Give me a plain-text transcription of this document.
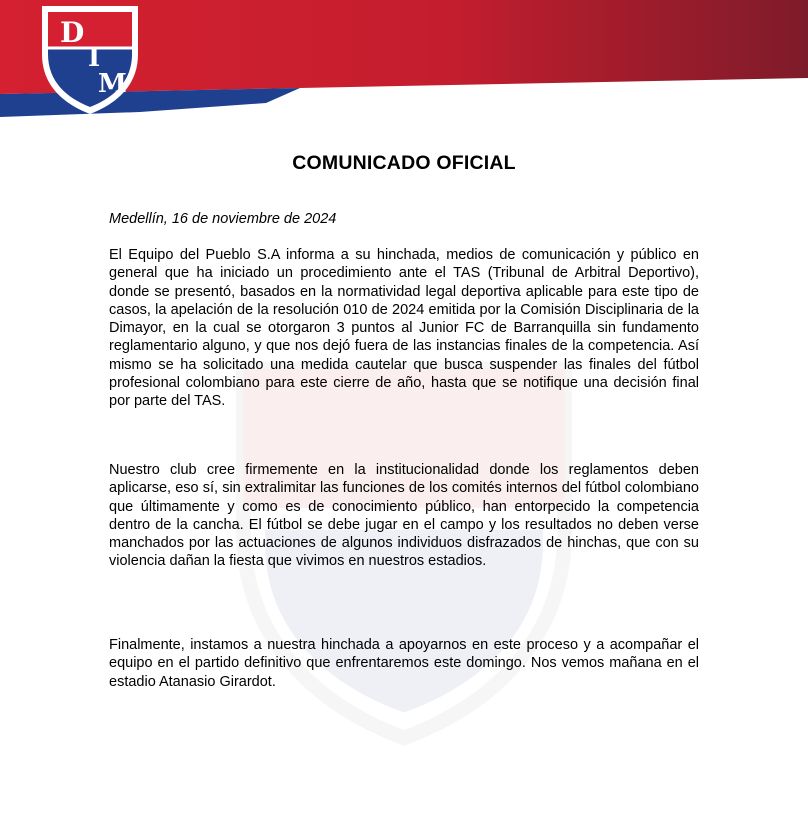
D
I
M
COMUNICADO OFICIAL

Medellín, 16 de noviembre de 2024

El Equipo del Pueblo S.A informa a su hinchada, medios de comunicación y público en general que ha iniciado un procedimiento ante el TAS (Tribunal de Arbitral Deportivo), donde se presentó, basados en la normatividad legal deportiva aplicable para este tipo de casos, la apelación de la resolución 010 de 2024 emitida por la Comisión Disciplinaria de la Dimayor, en la cual se otorgaron 3 puntos al Junior FC de Barranquilla sin fundamento reglamentario alguno, y que nos dejó fuera de las instancias finales de la competencia. Así mismo se ha solicitado una medida cautelar que busca suspender las finales del fútbol profesional colombiano para este cierre de año, hasta que se notifique una decisión final por parte del TAS.

Nuestro club cree firmemente en la institucionalidad donde los reglamentos deben aplicarse, eso sí, sin extralimitar las funciones de los comités internos del fútbol colombiano que últimamente y como es de conocimiento público, han entorpecido la competencia dentro de la cancha. El fútbol se debe jugar en el campo y los resultados no deben verse manchados por las actuaciones de algunos individuos disfrazados de hinchas, que con su violencia dañan la fiesta que vivimos en nuestros estadios.

Finalmente, instamos a nuestra hinchada a apoyarnos en este proceso y a acompañar el equipo en el partido definitivo que enfrentaremos este domingo. Nos vemos mañana en el estadio Atanasio Girardot.
